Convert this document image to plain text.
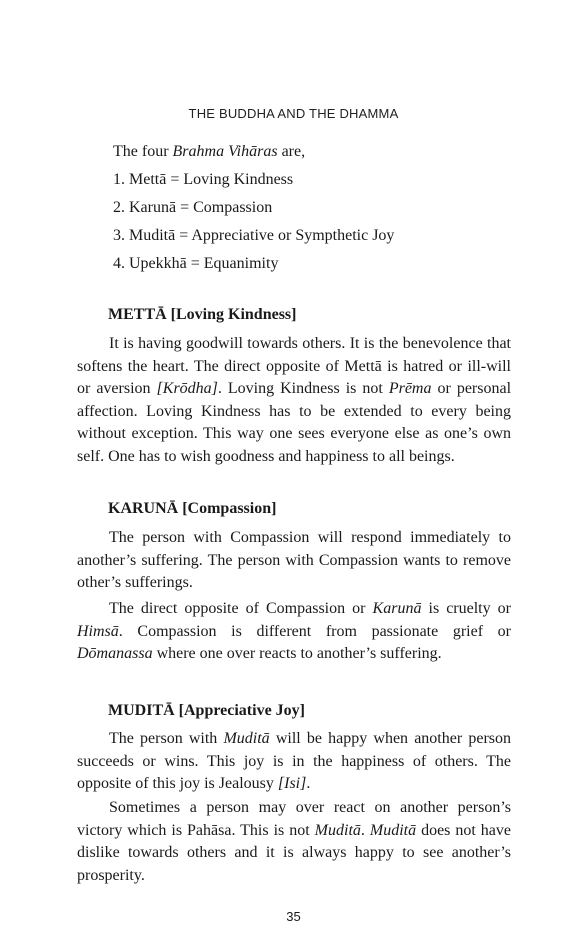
THE BUDDHA AND THE DHAMMA

The four Brahma Vihāras are,

1. Mettā = Loving Kindness
2. Karunā = Compassion
3. Muditā = Appreciative or Sympthetic Joy
4. Upekkhā = Equanimity
METTĀ [Loving Kindness]

It is having goodwill towards others. It is the benevolence that softens the heart. The direct opposite of Mettā is hatred or ill-will or aversion [Krōdha]. Loving Kindness is not Prēma or personal affection. Loving Kindness has to be extended to every being without exception. This way one sees everyone else as one’s own self. One has to wish goodness and happiness to all beings.

KARUNĀ [Compassion]

The person with Compassion will respond immediately to another’s suffering. The person with Compassion wants to remove other’s sufferings.

The direct opposite of Compassion or Karunā is cruelty or Himsā. Compassion is different from passionate grief or Dōmanassa where one over reacts to another’s suffering.

MUDITĀ [Appreciative Joy]

The person with Muditā will be happy when another person succeeds or wins. This joy is in the happiness of others. The opposite of this joy is Jealousy [Isi].

Sometimes a person may over react on another person’s victory which is Pahāsa. This is not Muditā. Muditā does not have dislike towards others and it is always happy to see another’s prosperity.

35
